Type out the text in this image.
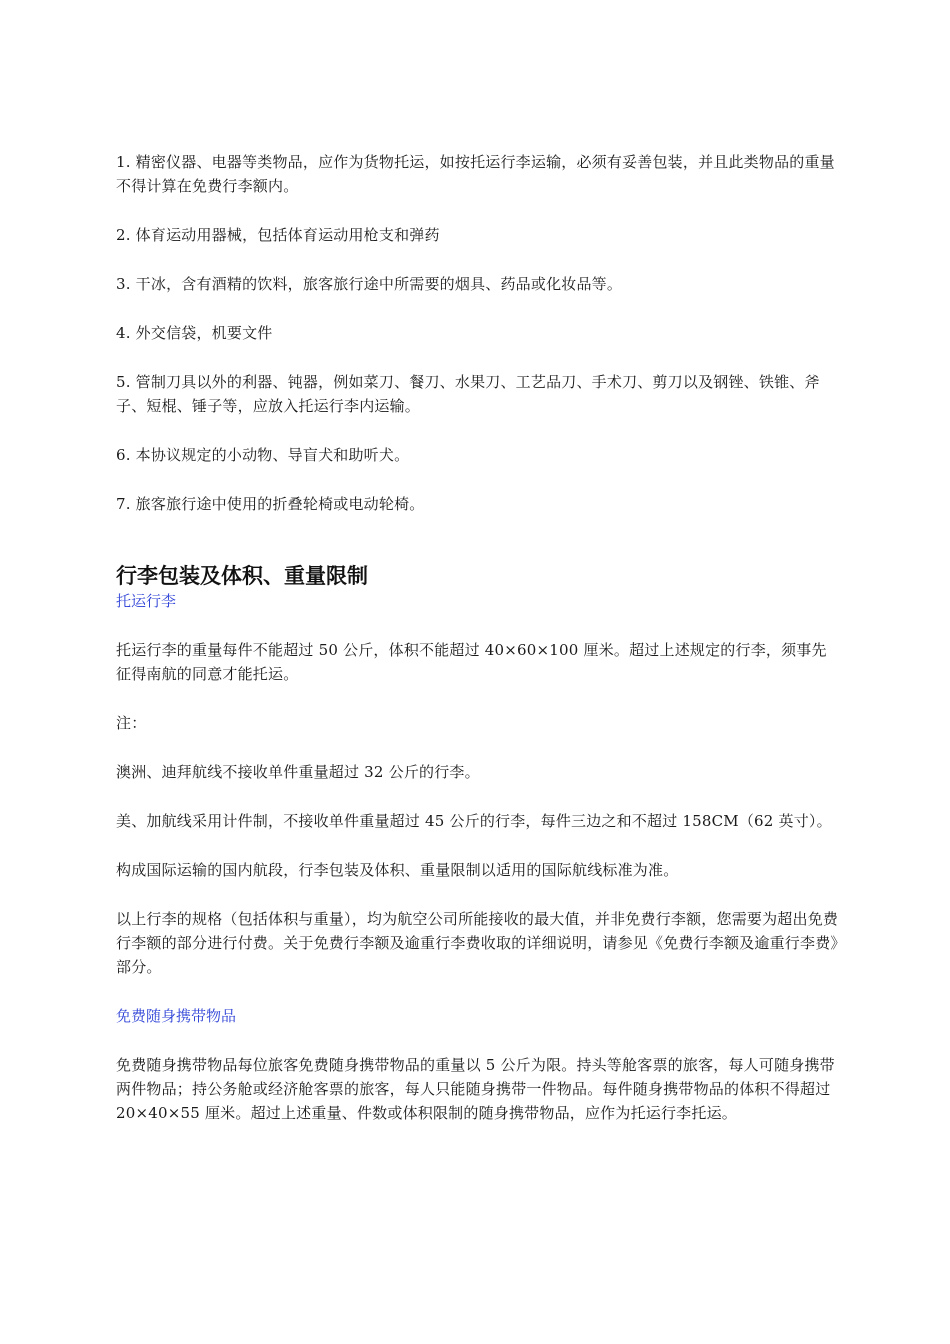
1. 精密仪器、电器等类物品，应作为货物托运，如按托运行李运输，必须有妥善包装，并且此类物品的重量不得计算在免费行李额内。

2. 体育运动用器械，包括体育运动用枪支和弹药

3. 干冰，含有酒精的饮料，旅客旅行途中所需要的烟具、药品或化妆品等。

4. 外交信袋，机要文件

5. 管制刀具以外的利器、钝器，例如菜刀、餐刀、水果刀、工艺品刀、手术刀、剪刀以及钢锉、铁锥、斧子、短棍、锤子等，应放入托运行李内运输。

6. 本协议规定的小动物、导盲犬和助听犬。

7. 旅客旅行途中使用的折叠轮椅或电动轮椅。

行李包装及体积、重量限制
托运行李

托运行李的重量每件不能超过 50 公斤，体积不能超过 40×60×100 厘米。超过上述规定的行李，须事先征得南航的同意才能托运。

注：

澳洲、迪拜航线不接收单件重量超过 32 公斤的行李。

美、加航线采用计件制，不接收单件重量超过 45 公斤的行李，每件三边之和不超过 158CM（62 英寸）。

构成国际运输的国内航段，行李包装及体积、重量限制以适用的国际航线标准为准。

以上行李的规格（包括体积与重量），均为航空公司所能接收的最大值，并非免费行李额，您需要为超出免费行李额的部分进行付费。关于免费行李额及逾重行李费收取的详细说明，请参见《免费行李额及逾重行李费》部分。

免费随身携带物品

免费随身携带物品每位旅客免费随身携带物品的重量以 5 公斤为限。持头等舱客票的旅客，每人可随身携带两件物品；持公务舱或经济舱客票的旅客，每人只能随身携带一件物品。每件随身携带物品的体积不得超过 20×40×55 厘米。超过上述重量、件数或体积限制的随身携带物品，应作为托运行李托运。
